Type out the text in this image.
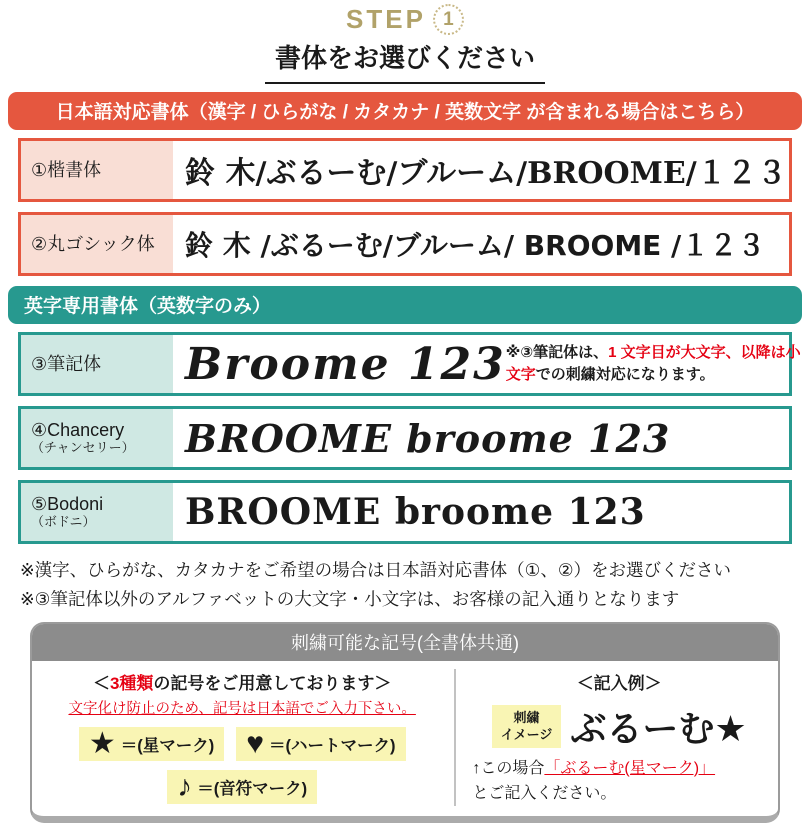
STEP 1
書体をお選びください
日本語対応書体（漢字 / ひらがな / カタカナ / 英数文字 が含まれる場合はこちら）
①楷書体	鈴 木/ぶるーむ/ブルーム/BROOME/１２３
②丸ゴシック体	鈴 木 /ぶるーむ/ブルーム/ BROOME /１２３
英字専用書体（英数字のみ）
③筆記体	Broome 123 ※③筆記体は、1 文字目が大文字、以降は小文字での刺繍対応になります。
④Chancery
（チャンセリー）	BROOME broome 123
⑤Bodoni
（ボドニ）	BROOME broome 123
※漢字、ひらがな、カタカナをご希望の場合は日本語対応書体（①、②）をお選びください
※③筆記体以外のアルファベットの大文字・小文字は、お客様の記入通りとなります
刺繍可能な記号(全書体共通)
＜3種類の記号をご用意しております＞
文字化け防止のため、記号は日本語でご入力下さい。
★ ＝(星マーク) ♥ ＝(ハートマーク)
♪ ＝(音符マーク)
＜記入例＞
刺繍
イメージ ぶるーむ★
↑この場合「ぶるーむ(星マーク)」
とご記入ください。
